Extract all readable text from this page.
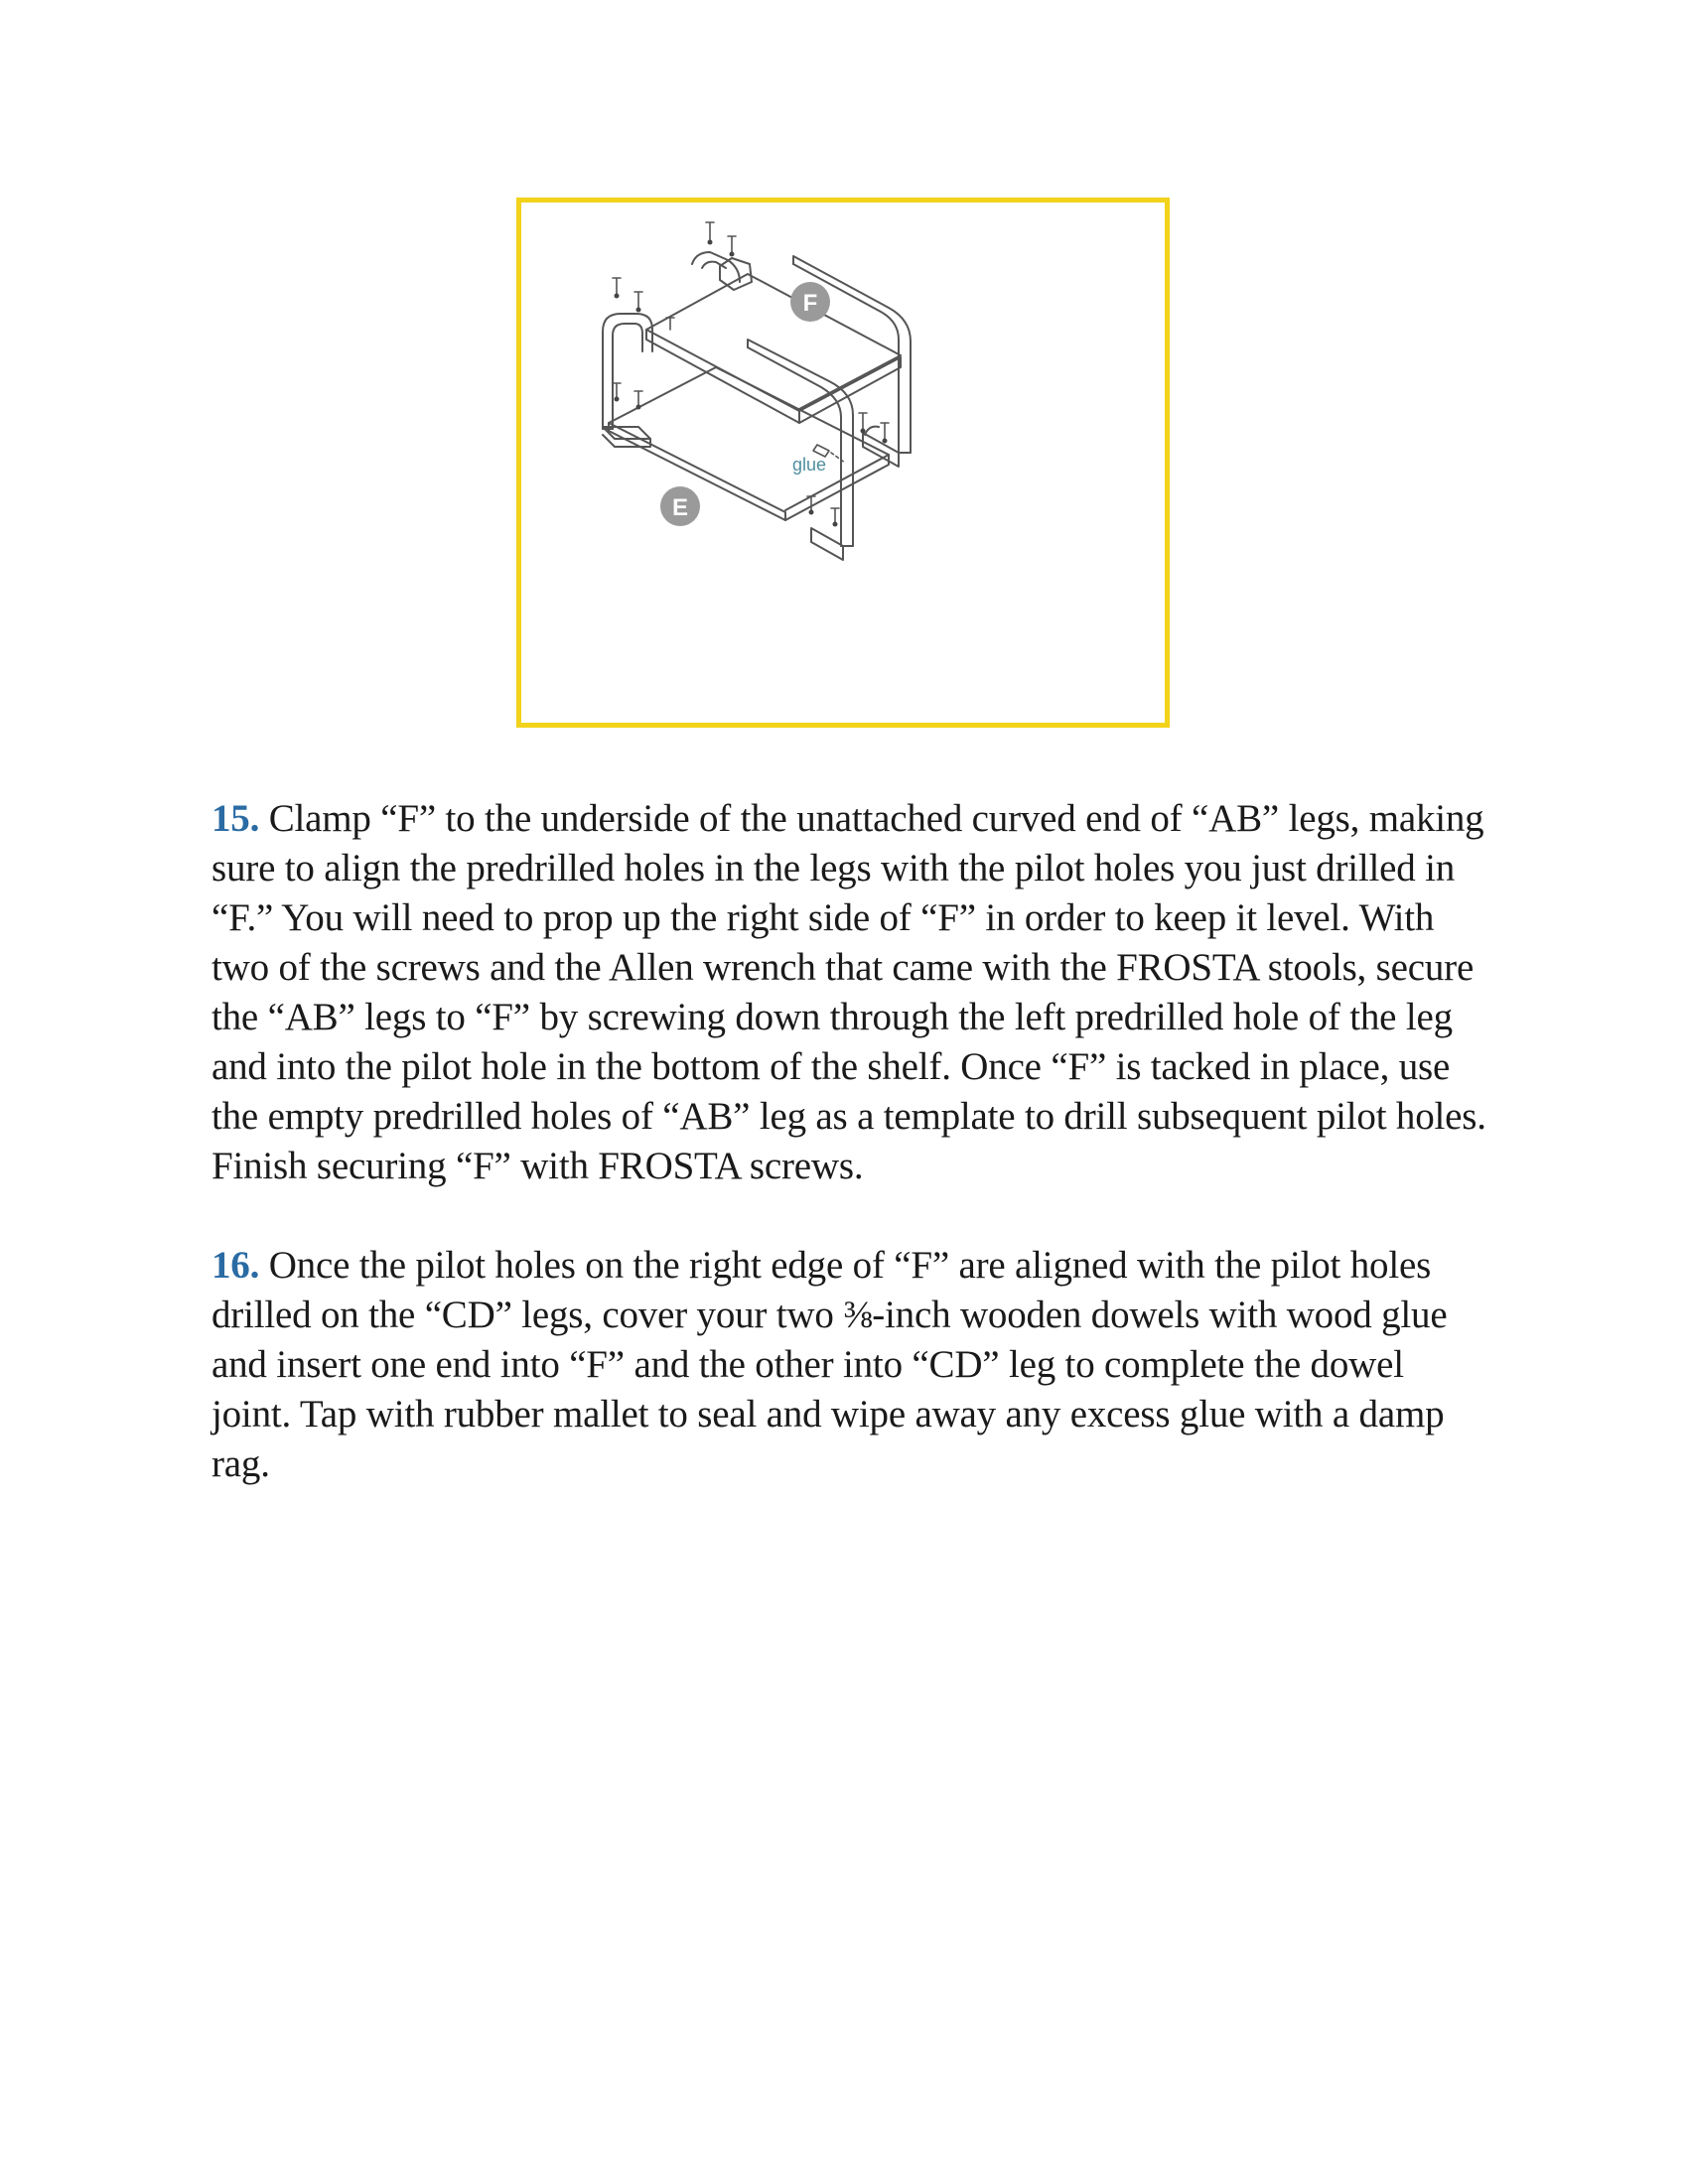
F
E
glue

15. Clamp “F” to the underside of the unattached curved end of “AB” legs, making sure to align the predrilled holes in the legs with the pilot holes you just drilled in “F.” You will need to prop up the right side of “F” in order to keep it level. With two of the screws and the Allen wrench that came with the FROSTA stools, secure the “AB” legs to “F” by screwing down through the left predrilled hole of the leg and into the pilot hole in the bottom of the shelf. Once “F” is tacked in place, use the empty predrilled holes of “AB” leg as a template to drill subsequent pilot holes. Finish securing “F” with FROSTA screws.

16. Once the pilot holes on the right edge of “F” are aligned with the pilot holes drilled on the “CD” legs, cover your two ⅜-inch wooden dowels with wood glue and insert one end into “F” and the other into “CD” leg to complete the dowel joint. Tap with rubber mallet to seal and wipe away any excess glue with a damp rag.
